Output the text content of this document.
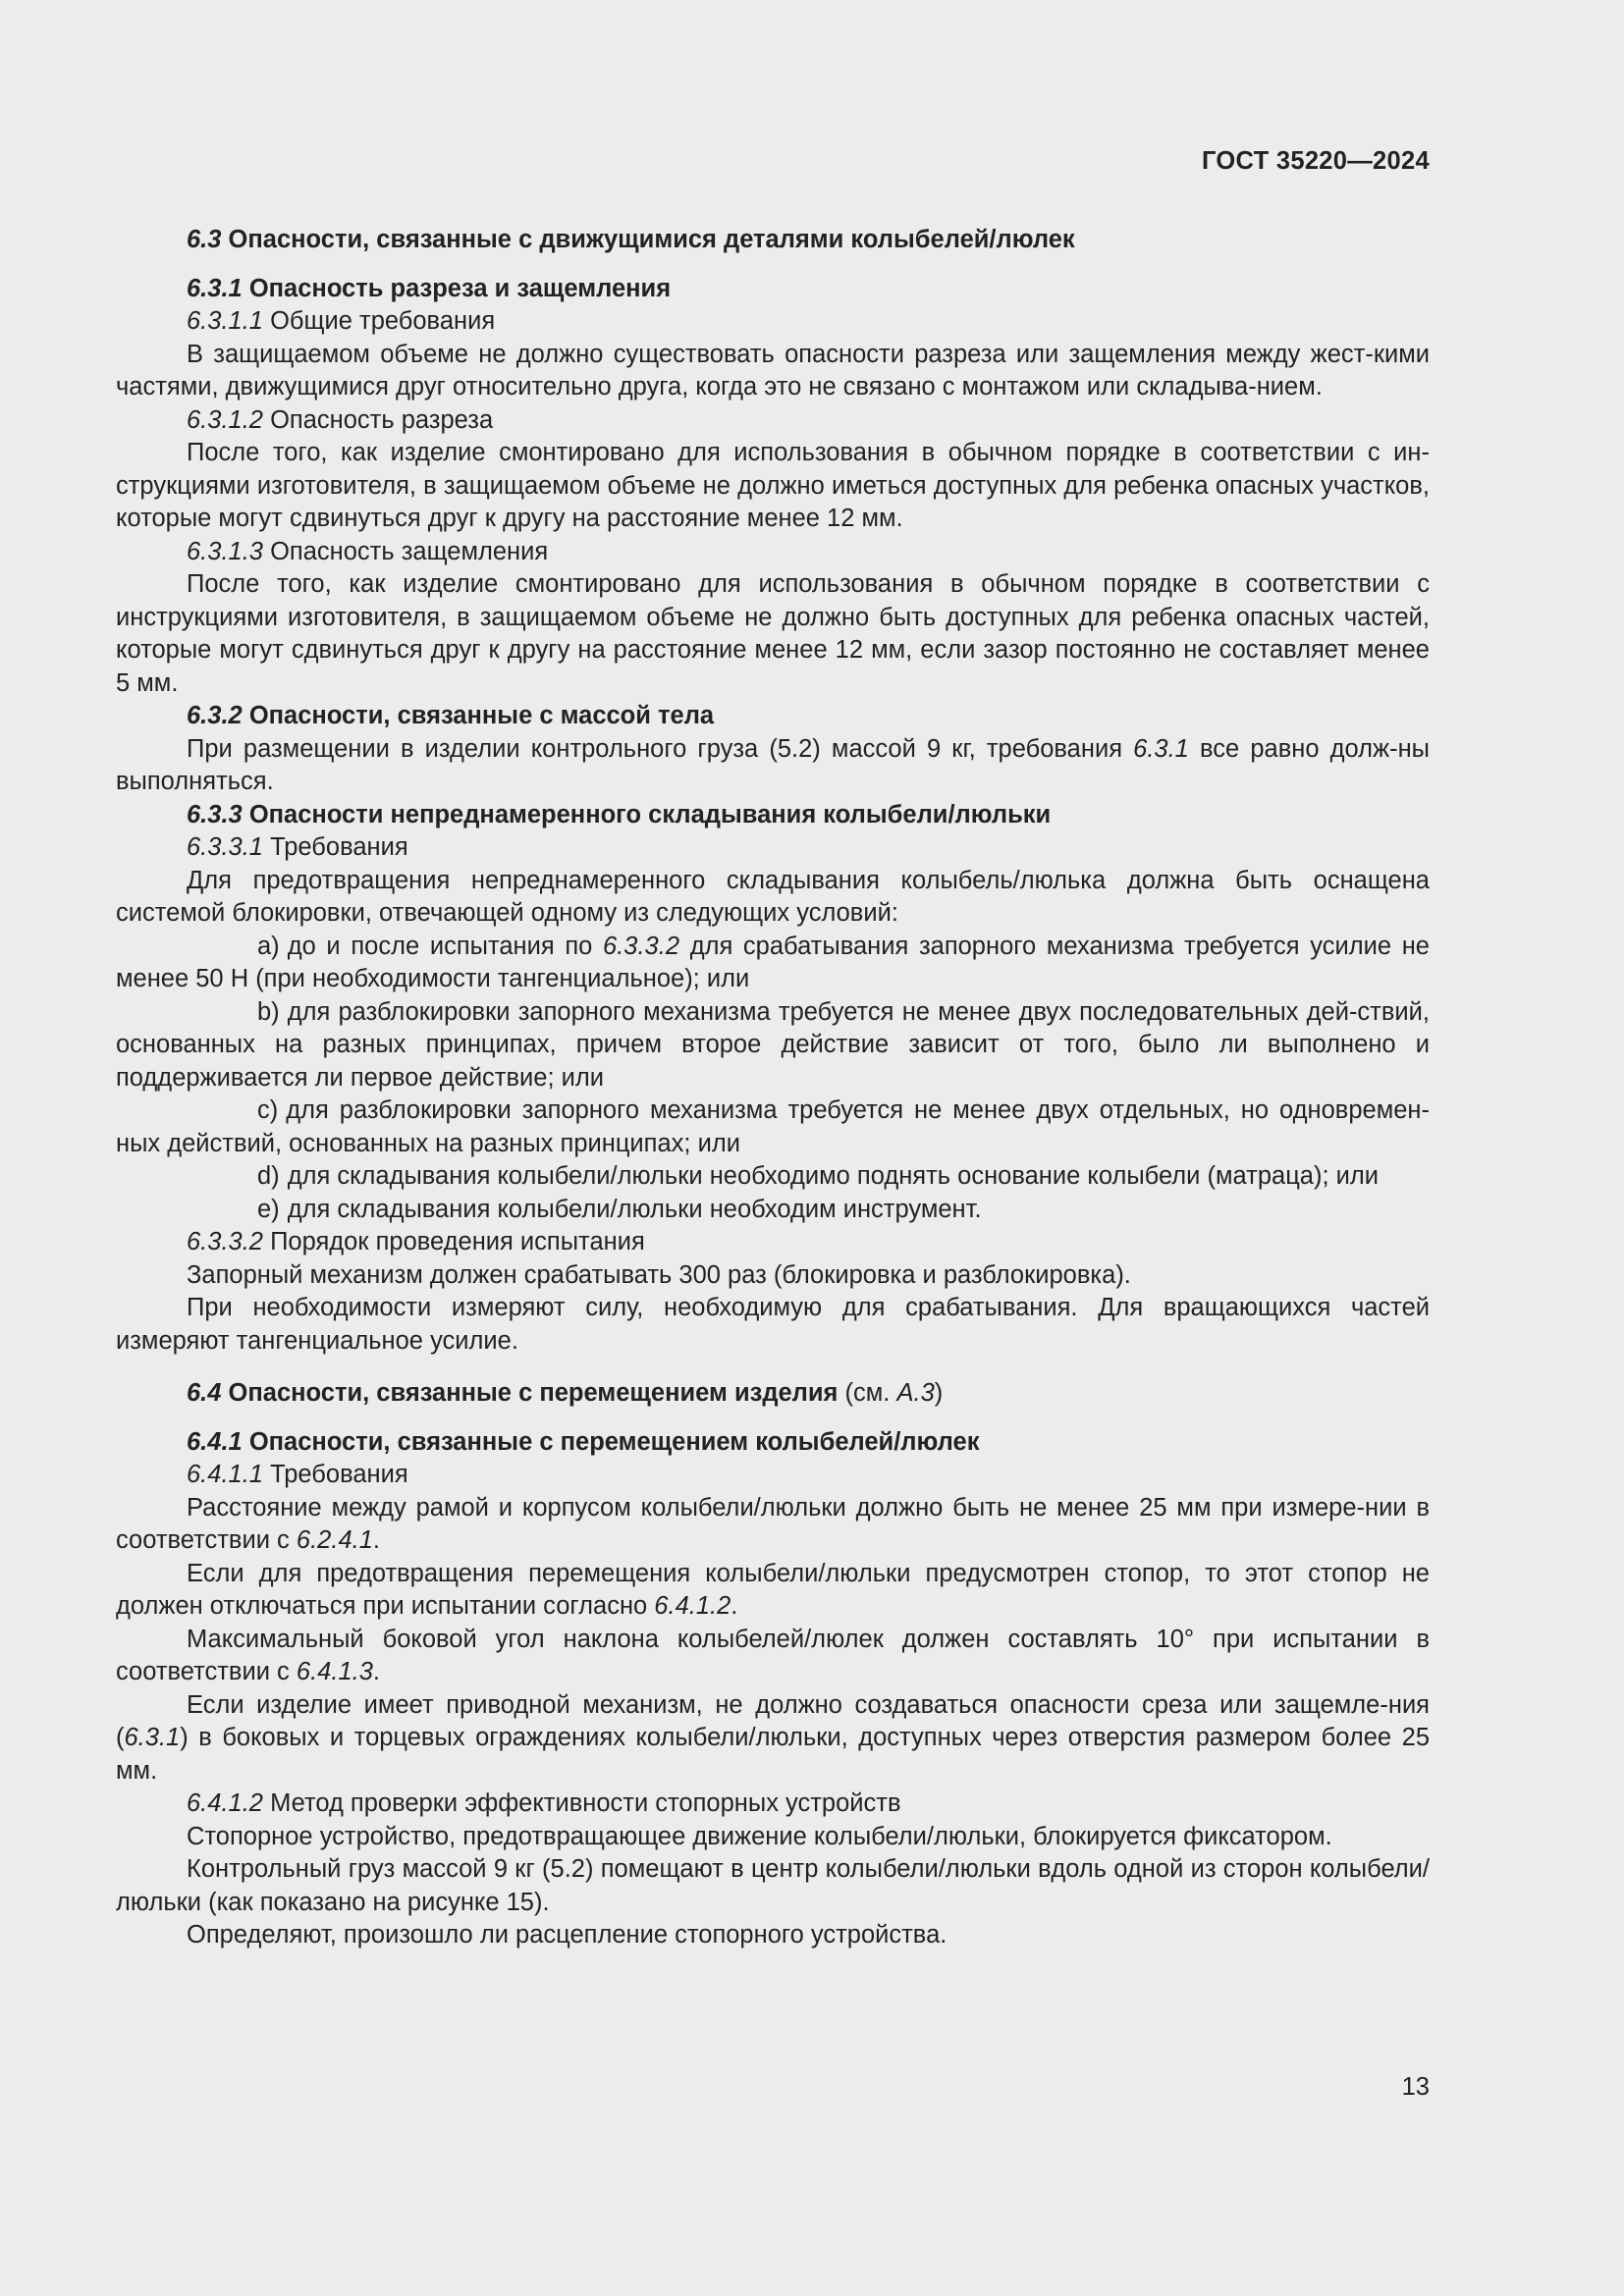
ГОСТ 35220—2024

6.3 Опасности, связанные с движущимися деталями колыбелей/люлек

6.3.1 Опасность разреза и защемления

6.3.1.1 Общие требования

В защищаемом объеме не должно существовать опасности разреза или защемления между жест-кими частями, движущимися друг относительно друга, когда это не связано с монтажом или складыва-нием.

6.3.1.2 Опасность разреза

После того, как изделие смонтировано для использования в обычном порядке в соответствии с ин-струкциями изготовителя, в защищаемом объеме не должно иметься доступных для ребенка опасных участков, которые могут сдвинуться друг к другу на расстояние менее 12 мм.

6.3.1.3 Опасность защемления

После того, как изделие смонтировано для использования в обычном порядке в соответствии с инструкциями изготовителя, в защищаемом объеме не должно быть доступных для ребенка опасных частей, которые могут сдвинуться друг к другу на расстояние менее 12 мм, если зазор постоянно не составляет менее 5 мм.

6.3.2 Опасности, связанные с массой тела

При размещении в изделии контрольного груза (5.2) массой 9 кг, требования 6.3.1 все равно долж-ны выполняться.

6.3.3 Опасности непреднамеренного складывания колыбели/люльки

6.3.3.1 Требования

Для предотвращения непреднамеренного складывания колыбель/люлька должна быть оснащена системой блокировки, отвечающей одному из следующих условий:

a) до и после испытания по 6.3.3.2 для срабатывания запорного механизма требуется усилие не менее 50 Н (при необходимости тангенциальное); или

b) для разблокировки запорного механизма требуется не менее двух последовательных дей-ствий, основанных на разных принципах, причем второе действие зависит от того, было ли выполнено и поддерживается ли первое действие; или

c) для разблокировки запорного механизма требуется не менее двух отдельных, но одновремен-ных действий, основанных на разных принципах; или

d) для складывания колыбели/люльки необходимо поднять основание колыбели (матраца); или

e) для складывания колыбели/люльки необходим инструмент.

6.3.3.2 Порядок проведения испытания

Запорный механизм должен срабатывать 300 раз (блокировка и разблокировка).

При необходимости измеряют силу, необходимую для срабатывания. Для вращающихся частей измеряют тангенциальное усилие.

6.4 Опасности, связанные с перемещением изделия (см. A.3)

6.4.1 Опасности, связанные с перемещением колыбелей/люлек

6.4.1.1 Требования

Расстояние между рамой и корпусом колыбели/люльки должно быть не менее 25 мм при измере-нии в соответствии с 6.2.4.1.

Если для предотвращения перемещения колыбели/люльки предусмотрен стопор, то этот стопор не должен отключаться при испытании согласно 6.4.1.2.

Максимальный боковой угол наклона колыбелей/люлек должен составлять 10° при испытании в соответствии с 6.4.1.3.

Если изделие имеет приводной механизм, не должно создаваться опасности среза или защемле-ния (6.3.1) в боковых и торцевых ограждениях колыбели/люльки, доступных через отверстия размером более 25 мм.

6.4.1.2 Метод проверки эффективности стопорных устройств

Стопорное устройство, предотвращающее движение колыбели/люльки, блокируется фиксатором.

Контрольный груз массой 9 кг (5.2) помещают в центр колыбели/люльки вдоль одной из сторон колыбели/люльки (как показано на рисунке 15).

Определяют, произошло ли расцепление стопорного устройства.

13
